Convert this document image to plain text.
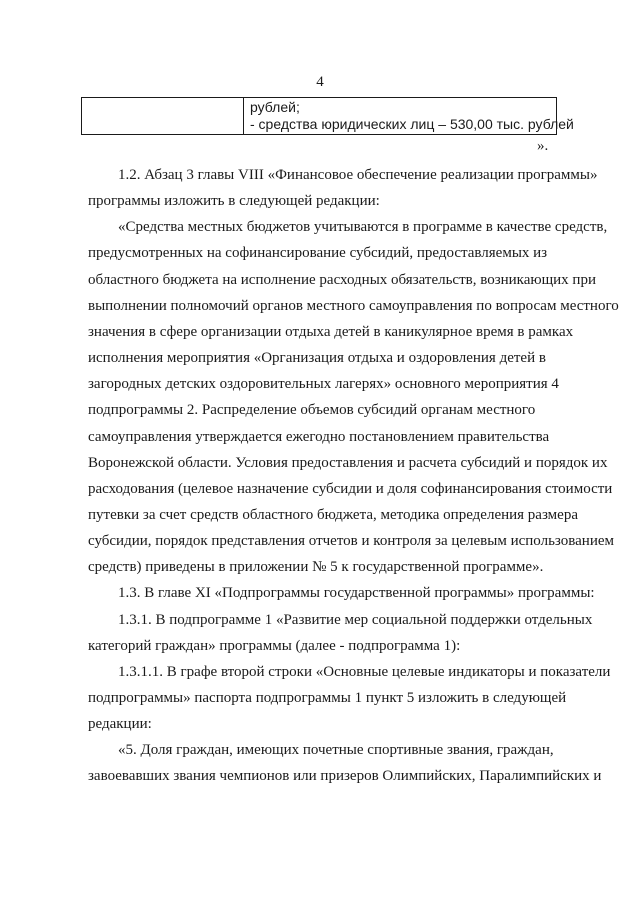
4
рублей;
- средства юридических лиц – 530,00 тыс. рублей
».
1.2. Абзац 3 главы VIII «Финансовое обеспечение реализации программы»
программы изложить в следующей редакции:
«Средства местных бюджетов учитываются в программе в качестве средств,
предусмотренных на софинансирование субсидий, предоставляемых из
областного бюджета на исполнение расходных обязательств, возникающих при
выполнении полномочий органов местного самоуправления по вопросам местного
значения в сфере организации отдыха детей в каникулярное время в рамках
исполнения мероприятия «Организация отдыха и оздоровления детей в
загородных детских оздоровительных лагерях» основного мероприятия 4
подпрограммы 2. Распределение объемов субсидий органам местного
самоуправления утверждается ежегодно постановлением правительства
Воронежской области. Условия предоставления и расчета субсидий и порядок их
расходования (целевое назначение субсидии и доля софинансирования стоимости
путевки за счет средств областного бюджета, методика определения размера
субсидии, порядок представления отчетов и контроля за целевым использованием
средств) приведены в приложении № 5 к государственной программе».
1.3. В главе XI «Подпрограммы государственной программы» программы:
1.3.1. В подпрограмме 1 «Развитие мер социальной поддержки отдельных
категорий граждан» программы (далее - подпрограмма 1):
1.3.1.1. В графе второй строки «Основные целевые индикаторы и показатели
подпрограммы» паспорта подпрограммы 1 пункт 5 изложить в следующей
редакции:
«5. Доля граждан, имеющих почетные спортивные звания, граждан,
завоевавших звания чемпионов или призеров Олимпийских, Паралимпийских и
